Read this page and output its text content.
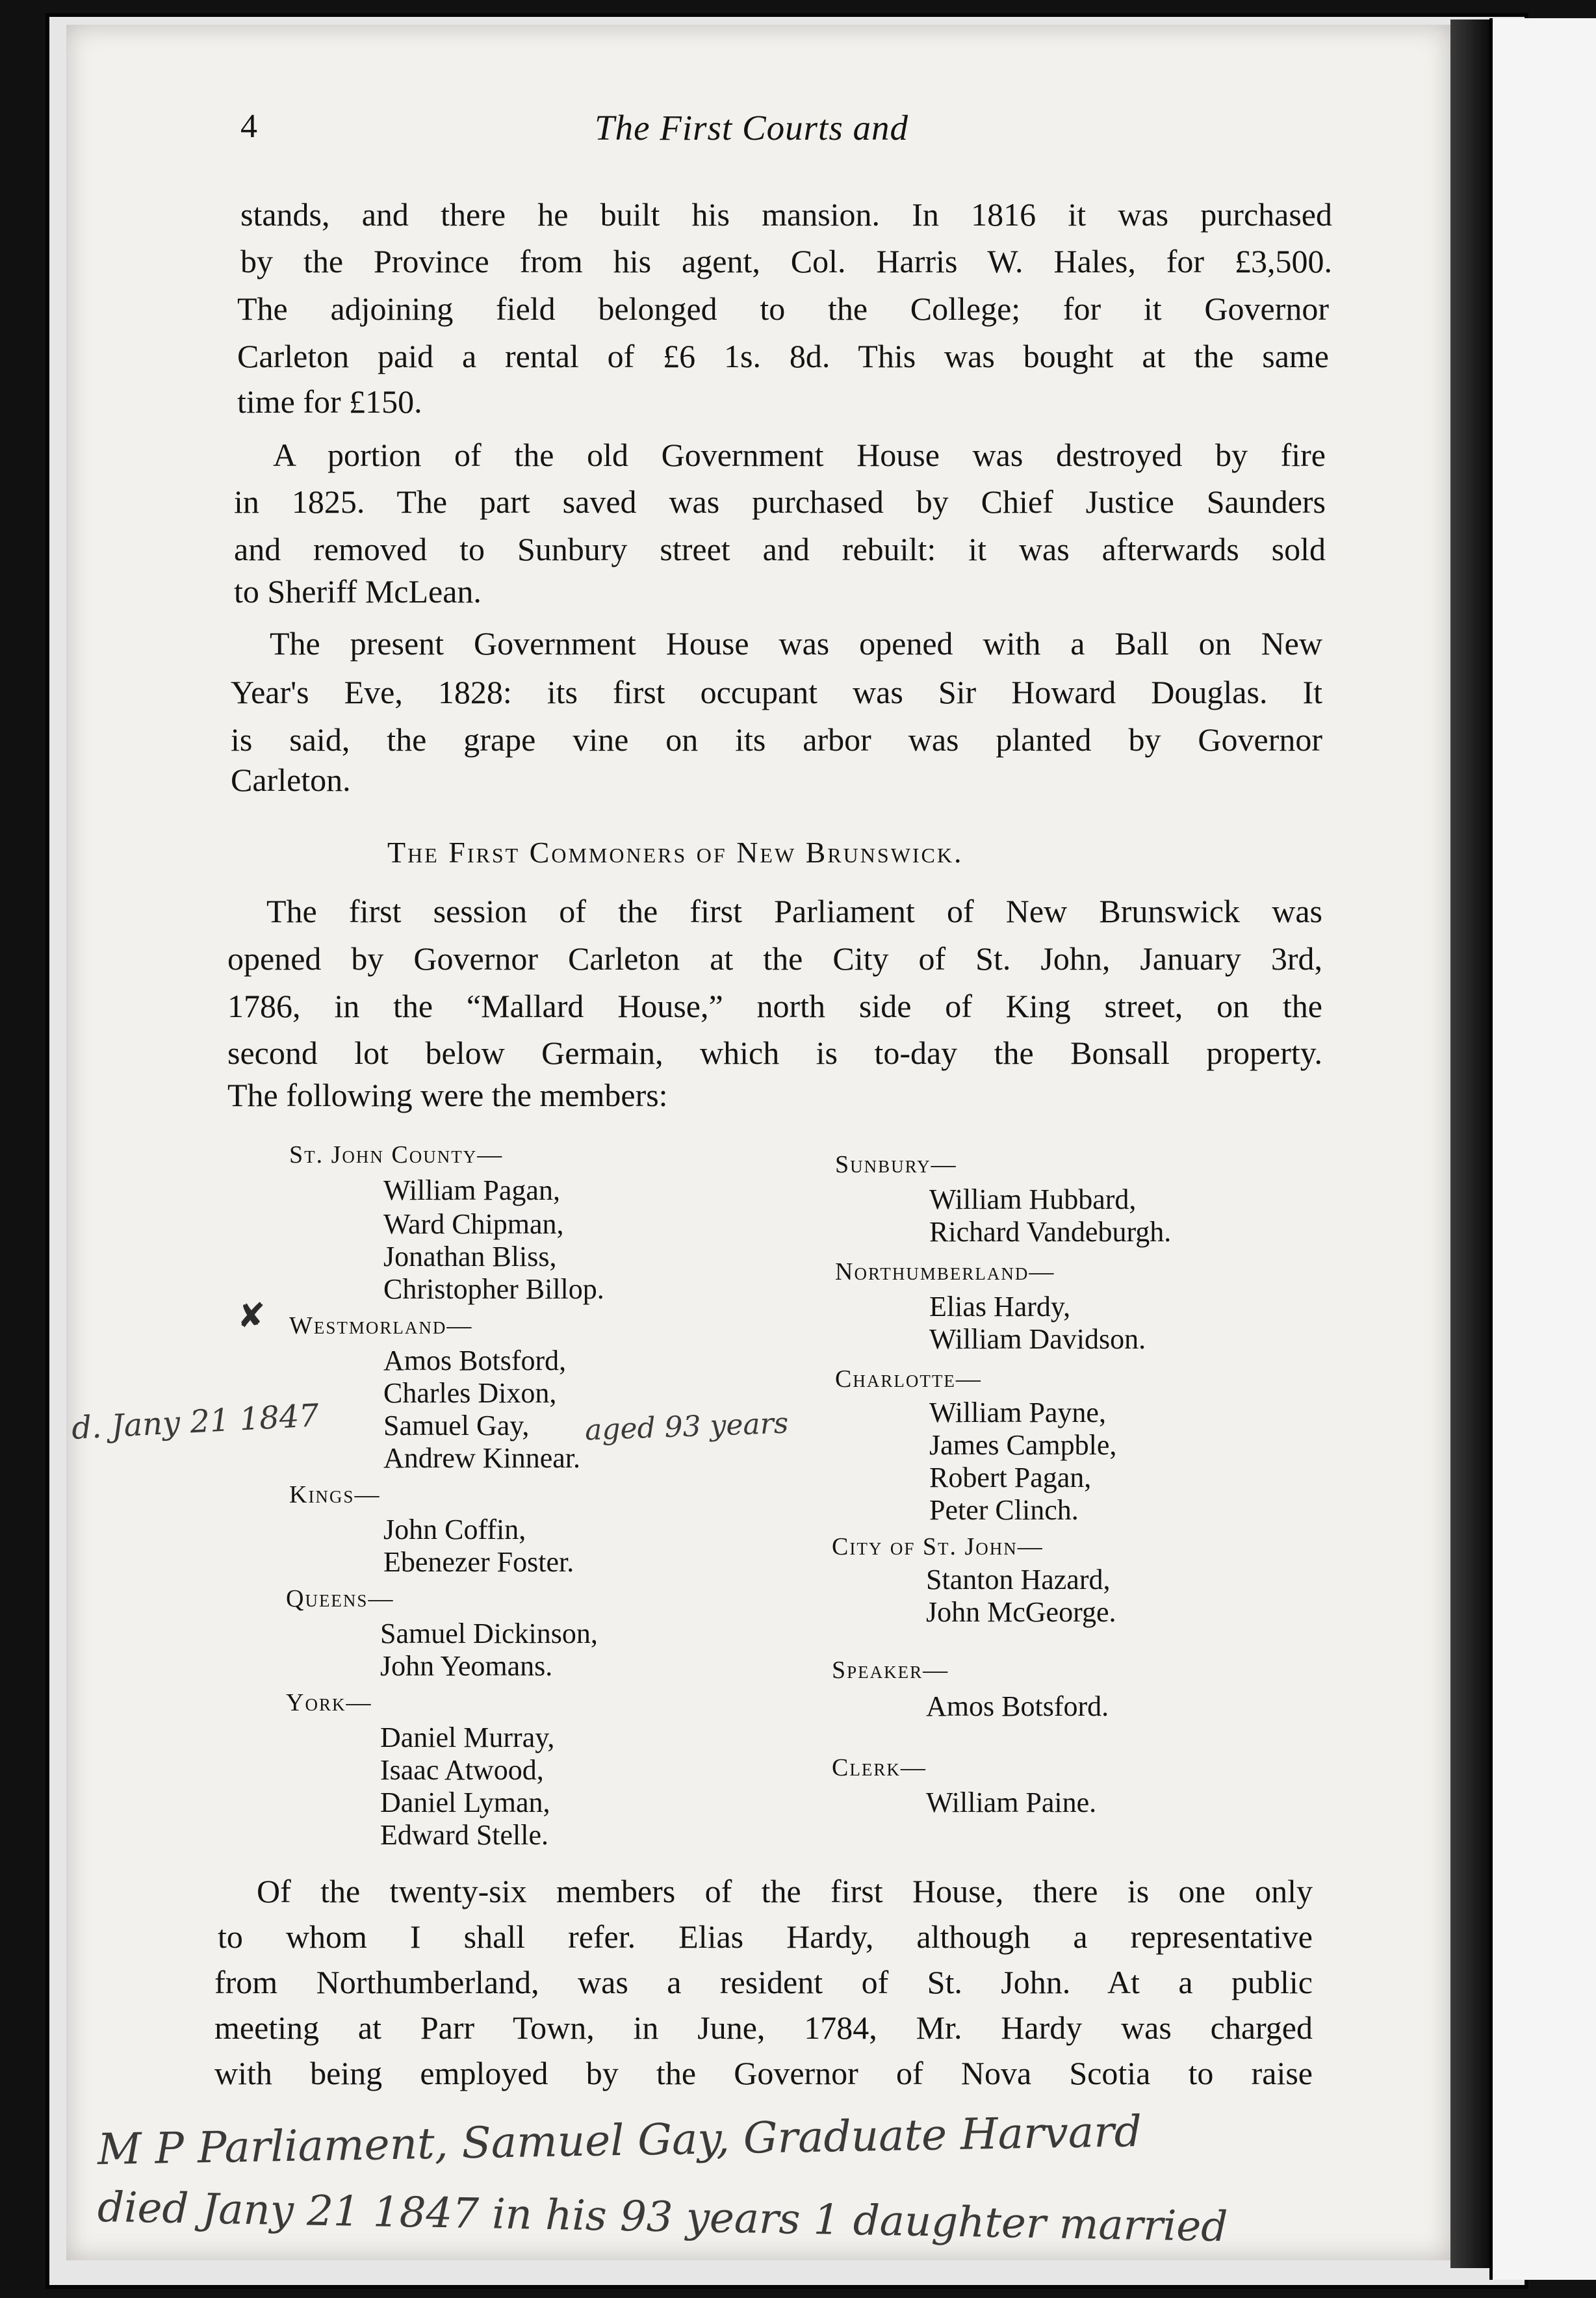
4	The First Courts and
stands, and there he built his mansion. In 1816 it was purchased
by the Province from his agent, Col. Harris W. Hales, for £3,500.
The adjoining field belonged to the College; for it Governor
Carleton paid a rental of £6 1s. 8d. This was bought at the same
time for £150.
A portion of the old Government House was destroyed by fire
in 1825. The part saved was purchased by Chief Justice Saunders
and removed to Sunbury street and rebuilt: it was afterwards sold
to Sheriff McLean.
The present Government House was opened with a Ball on New
Year's Eve, 1828: its first occupant was Sir Howard Douglas. It
is said, the grape vine on its arbor was planted by Governor
Carleton.
The First Commoners of New Brunswick.
The first session of the first Parliament of New Brunswick was
opened by Governor Carleton at the City of St. John, January 3rd,
1786, in the “Mallard House,” north side of King street, on the
second lot below Germain, which is to-day the Bonsall property.
The following were the members:
St. John County—
William Pagan,
Ward Chipman,
Jonathan Bliss,
Christopher Billop.
Westmorland—
Amos Botsford,
Charles Dixon,
Samuel Gay,
Andrew Kinnear.
Kings—
John Coffin,
Ebenezer Foster.
Queens—
Samuel Dickinson,
John Yeomans.
York—
Daniel Murray,
Isaac Atwood,
Daniel Lyman,
Edward Stelle.
Sunbury—
William Hubbard,
Richard Vandeburgh.
Northumberland—
Elias Hardy,
William Davidson.
Charlotte—
William Payne,
James Campble,
Robert Pagan,
Peter Clinch.
City of St. John—
Stanton Hazard,
John McGeorge.
Speaker—
Amos Botsford.
Clerk—
William Paine.
Of the twenty-six members of the first House, there is one only
to whom I shall refer. Elias Hardy, although a representative
from Northumberland, was a resident of St. John. At a public
meeting at Parr Town, in June, 1784, Mr. Hardy was charged
with being employed by the Governor of Nova Scotia to raise
✘
d. Jany 21 1847	aged 93 years
M P Parliament, Samuel Gay, Graduate Harvard
died Jany 21 1847 in his 93 years 1 daughter married
